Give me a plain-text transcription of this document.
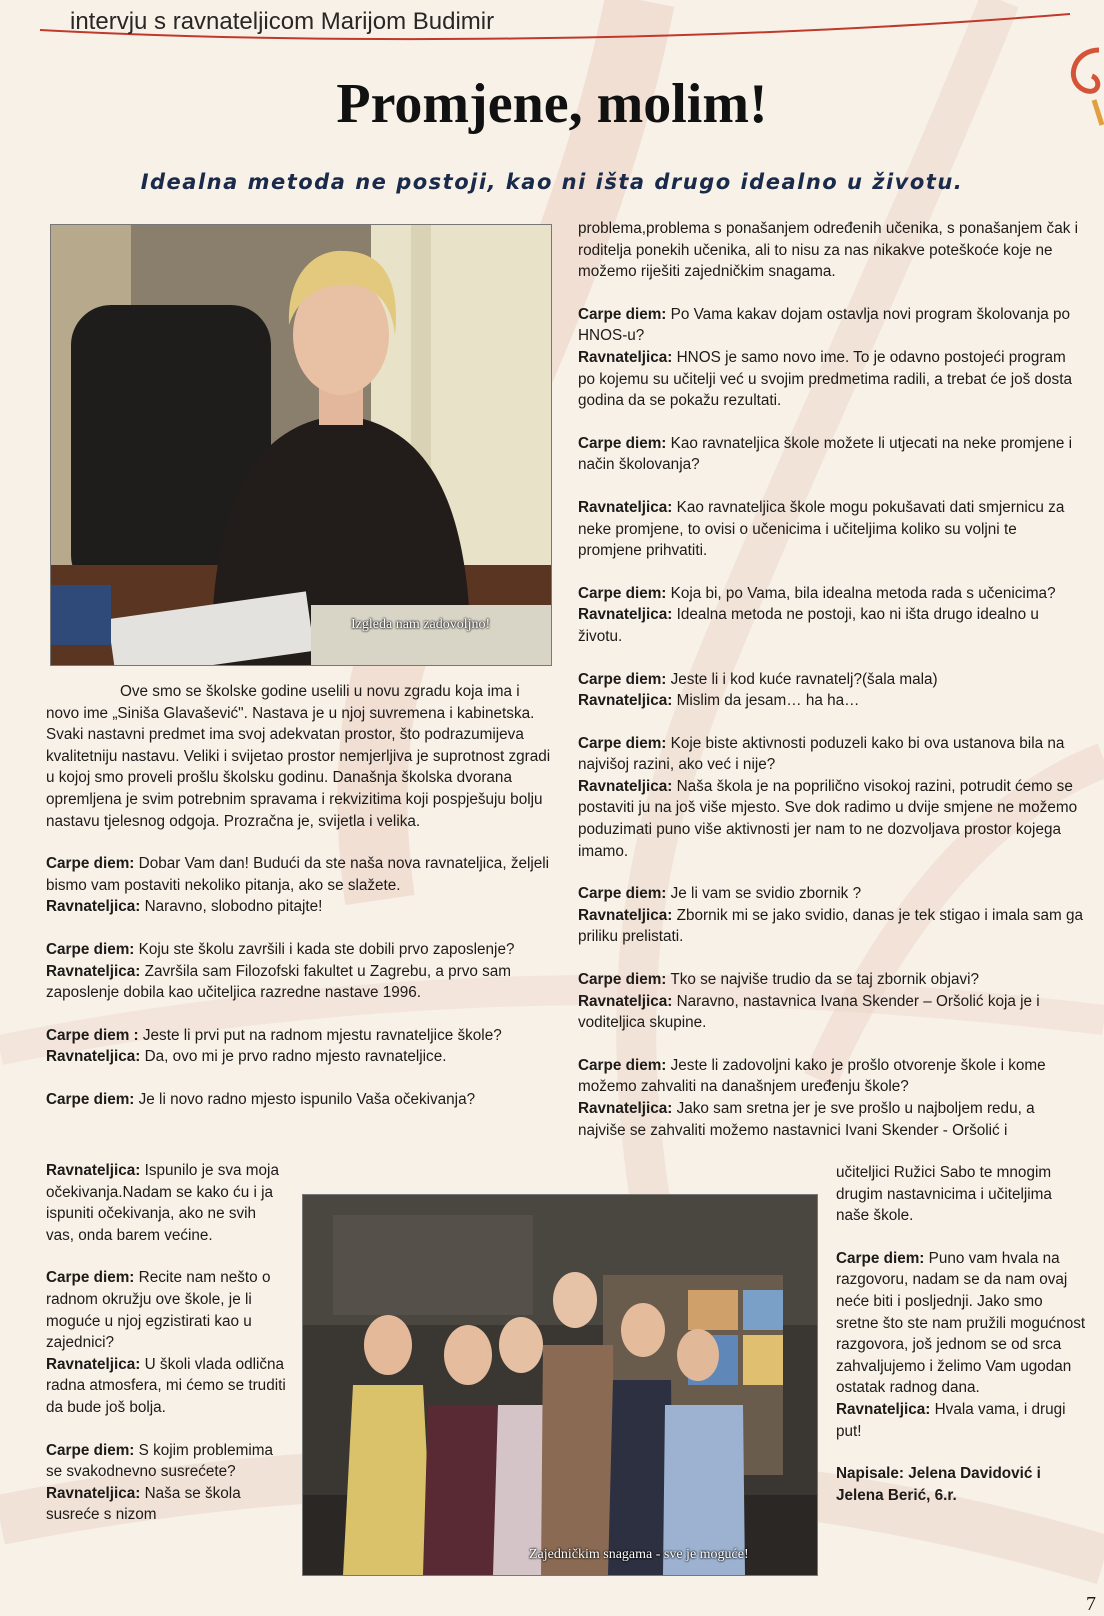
intervju s ravnateljicom Marijom Budimir
Promjene, molim!
Idealna metoda ne postoji, kao ni išta drugo idealno u životu.
Izgleda nam zadovoljno!

Ove smo se školske godine uselili u novu zgradu koja ima i novo ime „Siniša Glavašević". Nastava je u njoj suvremena i kabinetska. Svaki nastavni predmet ima svoj adekvatan prostor, što podrazumijeva kvalitetniju nastavu. Veliki i svijetao prostor nemjerljiva je suprotnost zgradi u kojoj smo proveli prošlu školsku godinu. Današnja školska dvorana opremljena je svim potrebnim spravama i rekvizitima koji pospješuju bolju nastavu tjelesnog odgoja. Prozračna je, svijetla i velika.

Carpe diem: Dobar Vam dan! Budući da ste naša nova ravnateljica, željeli bismo vam postaviti nekoliko pitanja, ako se slažete.
Ravnateljica: Naravno, slobodno pitajte!

Carpe diem: Koju ste školu završili i kada ste dobili prvo zaposlenje?
Ravnateljica: Završila sam Filozofski fakultet u Zagrebu, a prvo sam zaposlenje dobila kao učiteljica razredne nastave 1996.

Carpe diem : Jeste li prvi put na radnom mjestu ravnateljice škole?
Ravnateljica: Da, ovo mi je prvo radno mjesto ravnateljice.

Carpe diem: Je li novo radno mjesto ispunilo Vaša očekivanja?

Ravnateljica: Ispunilo je sva moja očekivanja.Nadam se kako ću i ja ispuniti očekivanja, ako ne svih vas, onda barem većine.

Carpe diem: Recite nam nešto o radnom okružju ove škole, je li moguće u njoj egzistirati kao u zajednici?
Ravnateljica: U školi vlada odlična radna atmosfera, mi ćemo se truditi da bude još bolja.

Carpe diem: S kojim problemima se svakodnevno susrećete?
Ravnateljica: Naša se škola susreće s nizom

problema,problema s ponašanjem određenih učenika, s ponašanjem čak i roditelja ponekih učenika, ali to nisu za nas nikakve poteškoće koje ne možemo riješiti zajedničkim snagama.

Carpe diem: Po Vama kakav dojam ostavlja novi program školovanja po HNOS-u?
Ravnateljica: HNOS je samo novo ime. To je odavno postojeći program po kojemu su učitelji već u svojim predmetima radili, a trebat će još dosta godina da se pokažu rezultati.

Carpe diem: Kao ravnateljica škole možete li utjecati na neke promjene i način školovanja?

Ravnateljica: Kao ravnateljica škole mogu pokušavati dati smjernicu za neke promjene, to ovisi o učenicima i učiteljima koliko su voljni te promjene prihvatiti.

Carpe diem: Koja bi, po Vama, bila idealna metoda rada s učenicima?
Ravnateljica: Idealna metoda ne postoji, kao ni išta drugo idealno u životu.

Carpe diem: Jeste li i kod kuće ravnatelj?(šala mala)
Ravnateljica: Mislim da jesam… ha ha…

Carpe diem: Koje biste aktivnosti poduzeli kako bi ova ustanova bila na najvišoj razini, ako već i nije?
Ravnateljica: Naša škola je na poprilično visokoj razini, potrudit ćemo se postaviti ju na još više mjesto. Sve dok radimo u dvije smjene ne možemo poduzimati puno više aktivnosti jer nam to ne dozvoljava prostor kojega imamo.

Carpe diem: Je li vam se svidio zbornik ?
Ravnateljica: Zbornik mi se jako svidio, danas je tek stigao i imala sam ga priliku prelistati.

Carpe diem: Tko se najviše trudio da se taj zbornik objavi?
Ravnateljica: Naravno, nastavnica Ivana Skender – Oršolić koja je i voditeljica skupine.

Carpe diem: Jeste li zadovoljni kako je prošlo otvorenje škole i kome možemo zahvaliti na današnjem uređenju škole?
Ravnateljica: Jako sam sretna jer je sve prošlo u najboljem redu, a najviše se zahvaliti možemo nastavnici Ivani Skender - Oršolić i

Zajedničkim snagama - sve je moguće!

učiteljici Ružici Sabo te mnogim drugim nastavnicima i učiteljima naše škole.

Carpe diem: Puno vam hvala na razgovoru, nadam se da nam ovaj neće biti i posljednji. Jako smo sretne što ste nam pružili mogućnost razgovora, još jednom se od srca zahvaljujemo i želimo Vam ugodan ostatak radnog dana.
Ravnateljica: Hvala vama, i drugi put!

Napisale: Jelena Davidović i Jelena Berić, 6.r.

7
